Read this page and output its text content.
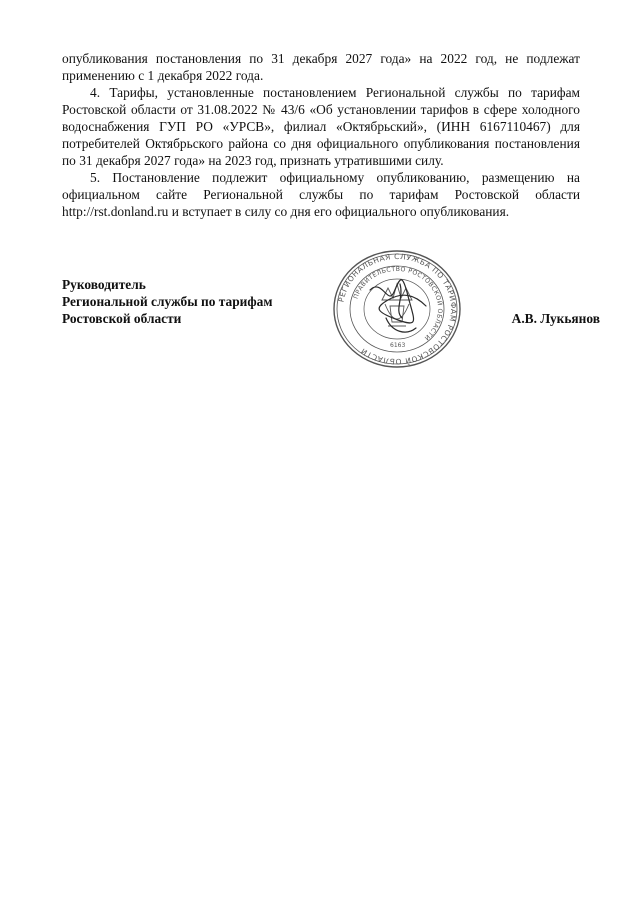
опубликования постановления по 31 декабря 2027 года» на 2022 год, не подлежат применению с 1 декабря 2022 года.

4. Тарифы, установленные постановлением Региональной службы по тарифам Ростовской области от 31.08.2022 № 43/6 «Об установлении тарифов в сфере холодного водоснабжения ГУП РО «УРСВ», филиал «Октябрьский», (ИНН 6167110467) для потребителей Октябрьского района со дня официального опубликования постановления по 31 декабря 2027 года» на 2023 год, признать утратившими силу.

5. Постановление подлежит официальному опубликованию, размещению на официальном сайте Региональной службы по тарифам Ростовской области http://rst.donland.ru и вступает в силу со дня его официального опубликования.

Руководитель
Региональной службы по тарифам
Ростовской области	А.В. Лукьянов
РЕГИОНАЛЬНАЯ СЛУЖБА ПО ТАРИФАМ РОСТОВСКОЙ ОБЛАСТИ
ПРАВИТЕЛЬСТВО РОСТОВСКОЙ ОБЛАСТИ
6163
